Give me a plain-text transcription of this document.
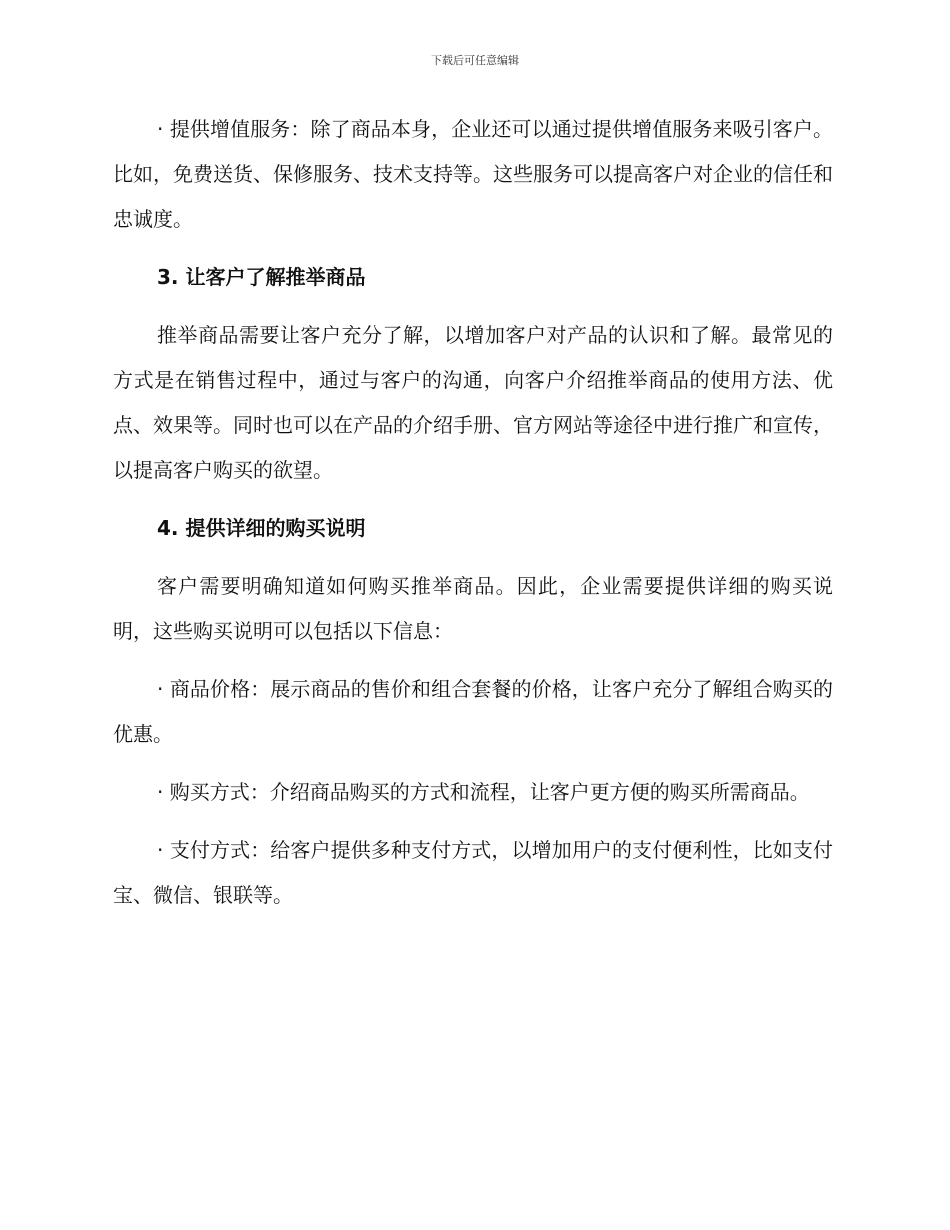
下载后可任意编辑

· 提供增值服务：除了商品本身，企业还可以通过提供增值服务来吸引客户。比如，免费送货、保修服务、技术支持等。这些服务可以提高客户对企业的信任和忠诚度。

3. 让客户了解推举商品

推举商品需要让客户充分了解，以增加客户对产品的认识和了解。最常见的方式是在销售过程中，通过与客户的沟通，向客户介绍推举商品的使用方法、优点、效果等。同时也可以在产品的介绍手册、官方网站等途径中进行推广和宣传，以提高客户购买的欲望。

4. 提供详细的购买说明

客户需要明确知道如何购买推举商品。因此，企业需要提供详细的购买说明，这些购买说明可以包括以下信息：

· 商品价格：展示商品的售价和组合套餐的价格，让客户充分了解组合购买的优惠。

· 购买方式：介绍商品购买的方式和流程，让客户更方便的购买所需商品。

· 支付方式：给客户提供多种支付方式，以增加用户的支付便利性，比如支付宝、微信、银联等。
